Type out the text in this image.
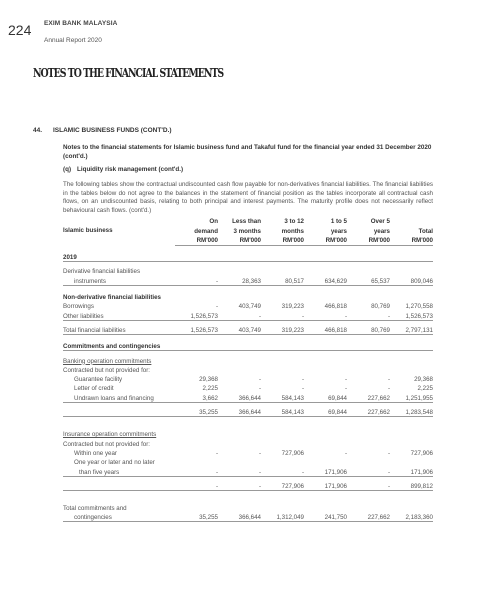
224 EXIM BANK MALAYSIA
Annual Report 2020
NOTES TO THE FINANCIAL STATEMENTS
44. ISLAMIC BUSINESS FUNDS (CONT'D.)
Notes to the financial statements for Islamic business fund and Takaful fund for the financial year ended 31 December 2020 (cont'd.)
(q) Liquidity risk management (cont'd.)
The following tables show the contractual undiscounted cash flow payable for non-derivatives financial liabilities. The financial liabilities in the tables below do not agree to the balances in the statement of financial position as the tables incorporate all contractual cash flows, on an undiscounted basis, relating to both principal and interest payments. The maturity profile does not necessarily reflect behavioural cash flows. (cont'd.)
Islamic business	On	Less than	3 to 12	1 to 5	Over 5	
	demand	3 months	months	years	years	Total
	RM'000	RM'000	RM'000	RM'000	RM'000	RM'000

2019						

Derivative financial liabilities						
instruments	-	28,363	80,517	634,629	65,537	809,046

Non-derivative financial liabilities						
Borrowings	-	403,749	319,223	466,818	80,769	1,270,558
Other liabilities	1,526,573	-	-	-	-	1,526,573

Total financial liabilities	1,526,573	403,749	319,223	466,818	80,769	2,797,131

Commitments and contingencies						

Banking operation commitments						
Contracted but not provided for:						
Guarantee facility	29,368	-	-	-	-	29,368
Letter of credit	2,225	-	-	-	-	2,225
Undrawn loans and financing	3,662	366,644	584,143	69,844	227,662	1,251,955

	35,255	366,644	584,143	69,844	227,662	1,283,548

Insurance operation commitments						
Contracted but not provided for:						
Within one year	-	-	727,906	-	-	727,906
One year or later and no later						
than five years	-	-	-	171,906	-	171,906

	-	-	727,906	171,906	-	899,812

Total commitments and						
contingencies	35,255	366,644	1,312,049	241,750	227,662	2,183,360
